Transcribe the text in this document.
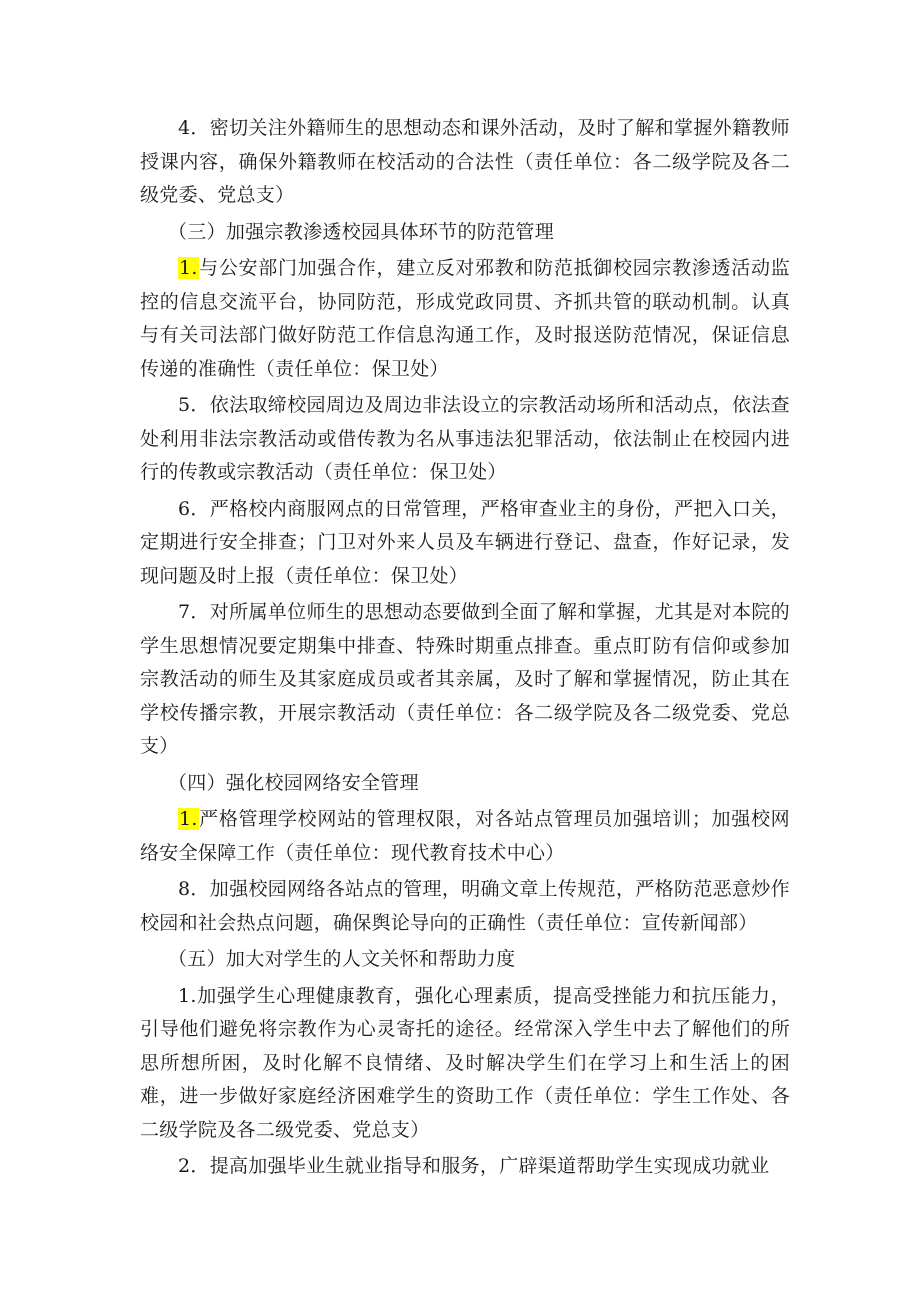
4．密切关注外籍师生的思想动态和课外活动，及时了解和掌握外籍教师授课内容，确保外籍教师在校活动的合法性（责任单位：各二级学院及各二级党委、党总支）

（三）加强宗教渗透校园具体环节的防范管理

1.与公安部门加强合作，建立反对邪教和防范抵御校园宗教渗透活动监控的信息交流平台，协同防范，形成党政同贯、齐抓共管的联动机制。认真与有关司法部门做好防范工作信息沟通工作，及时报送防范情况，保证信息传递的准确性（责任单位：保卫处）

5．依法取缔校园周边及周边非法设立的宗教活动场所和活动点，依法查处利用非法宗教活动或借传教为名从事违法犯罪活动，依法制止在校园内进行的传教或宗教活动（责任单位：保卫处）

6．严格校内商服网点的日常管理，严格审查业主的身份，严把入口关，定期进行安全排查；门卫对外来人员及车辆进行登记、盘查，作好记录，发现问题及时上报（责任单位：保卫处）

7．对所属单位师生的思想动态要做到全面了解和掌握，尤其是对本院的学生思想情况要定期集中排查、特殊时期重点排查。重点盯防有信仰或参加宗教活动的师生及其家庭成员或者其亲属，及时了解和掌握情况，防止其在学校传播宗教，开展宗教活动（责任单位：各二级学院及各二级党委、党总支）

（四）强化校园网络安全管理

1.严格管理学校网站的管理权限，对各站点管理员加强培训；加强校网络安全保障工作（责任单位：现代教育技术中心）

8．加强校园网络各站点的管理，明确文章上传规范，严格防范恶意炒作校园和社会热点问题，确保舆论导向的正确性（责任单位：宣传新闻部）

（五）加大对学生的人文关怀和帮助力度

1.加强学生心理健康教育，强化心理素质，提高受挫能力和抗压能力，引导他们避免将宗教作为心灵寄托的途径。经常深入学生中去了解他们的所思所想所困，及时化解不良情绪、及时解决学生们在学习上和生活上的困难，进一步做好家庭经济困难学生的资助工作（责任单位：学生工作处、各二级学院及各二级党委、党总支）

2．提高加强毕业生就业指导和服务，广辟渠道帮助学生实现成功就业
